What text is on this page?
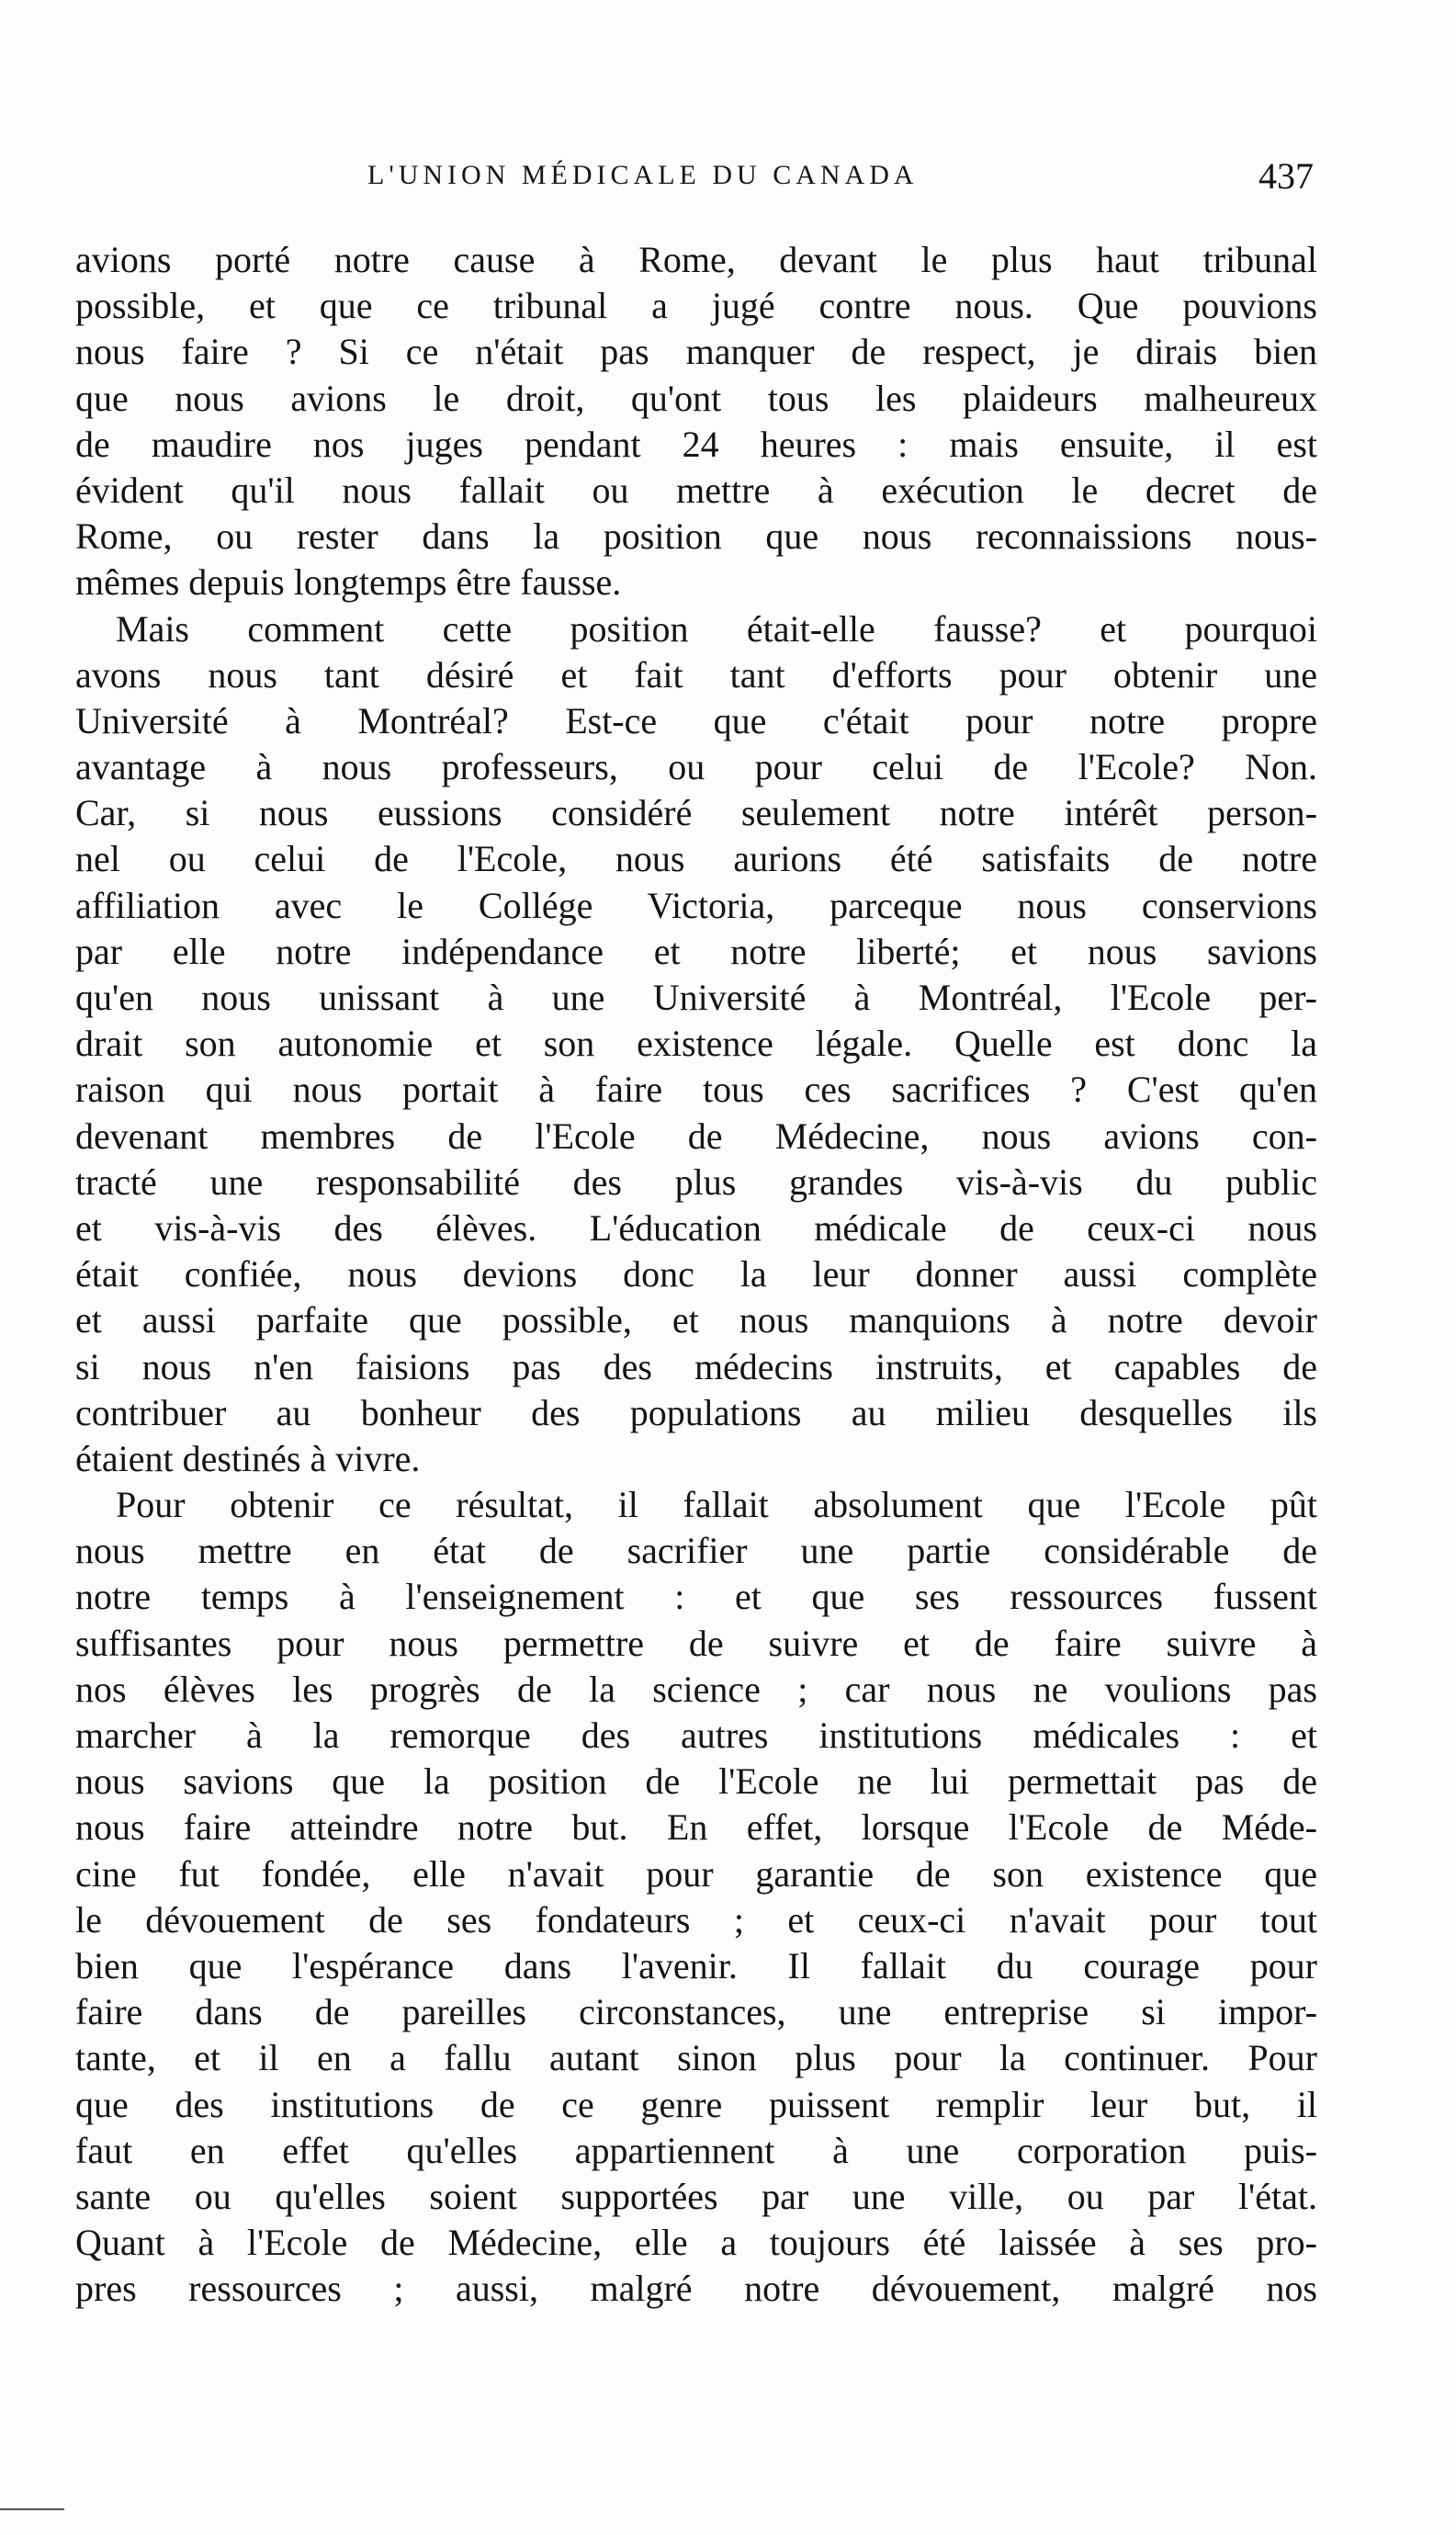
L'UNION MÉDICALE DU CANADA	437
avions porté notre cause à Rome, devant le plus haut tribunal
possible, et que ce tribunal a jugé contre nous. Que pouvions
nous faire ? Si ce n'était pas manquer de respect, je dirais bien
que nous avions le droit, qu'ont tous les plaideurs malheureux
de maudire nos juges pendant 24 heures : mais ensuite, il est
évident qu'il nous fallait ou mettre à exécution le decret de
Rome, ou rester dans la position que nous reconnaissions nous-
mêmes depuis longtemps être fausse.
Mais comment cette position était-elle fausse? et pourquoi
avons nous tant désiré et fait tant d'efforts pour obtenir une
Université à Montréal? Est-ce que c'était pour notre propre
avantage à nous professeurs, ou pour celui de l'Ecole? Non.
Car, si nous eussions considéré seulement notre intérêt person-
nel ou celui de l'Ecole, nous aurions été satisfaits de notre
affiliation avec le Collége Victoria, parceque nous conservions
par elle notre indépendance et notre liberté; et nous savions
qu'en nous unissant à une Université à Montréal, l'Ecole per-
drait son autonomie et son existence légale. Quelle est donc la
raison qui nous portait à faire tous ces sacrifices ? C'est qu'en
devenant membres de l'Ecole de Médecine, nous avions con-
tracté une responsabilité des plus grandes vis-à-vis du public
et vis-à-vis des élèves. L'éducation médicale de ceux-ci nous
était confiée, nous devions donc la leur donner aussi complète
et aussi parfaite que possible, et nous manquions à notre devoir
si nous n'en faisions pas des médecins instruits, et capables de
contribuer au bonheur des populations au milieu desquelles ils
étaient destinés à vivre.
Pour obtenir ce résultat, il fallait absolument que l'Ecole pût
nous mettre en état de sacrifier une partie considérable de
notre temps à l'enseignement : et que ses ressources fussent
suffisantes pour nous permettre de suivre et de faire suivre à
nos élèves les progrès de la science ; car nous ne voulions pas
marcher à la remorque des autres institutions médicales : et
nous savions que la position de l'Ecole ne lui permettait pas de
nous faire atteindre notre but. En effet, lorsque l'Ecole de Méde-
cine fut fondée, elle n'avait pour garantie de son existence que
le dévouement de ses fondateurs ; et ceux-ci n'avait pour tout
bien que l'espérance dans l'avenir. Il fallait du courage pour
faire dans de pareilles circonstances, une entreprise si impor-
tante, et il en a fallu autant sinon plus pour la continuer. Pour
que des institutions de ce genre puissent remplir leur but, il
faut en effet qu'elles appartiennent à une corporation puis-
sante ou qu'elles soient supportées par une ville, ou par l'état.
Quant à l'Ecole de Médecine, elle a toujours été laissée à ses pro-
pres ressources ; aussi, malgré notre dévouement, malgré nos
